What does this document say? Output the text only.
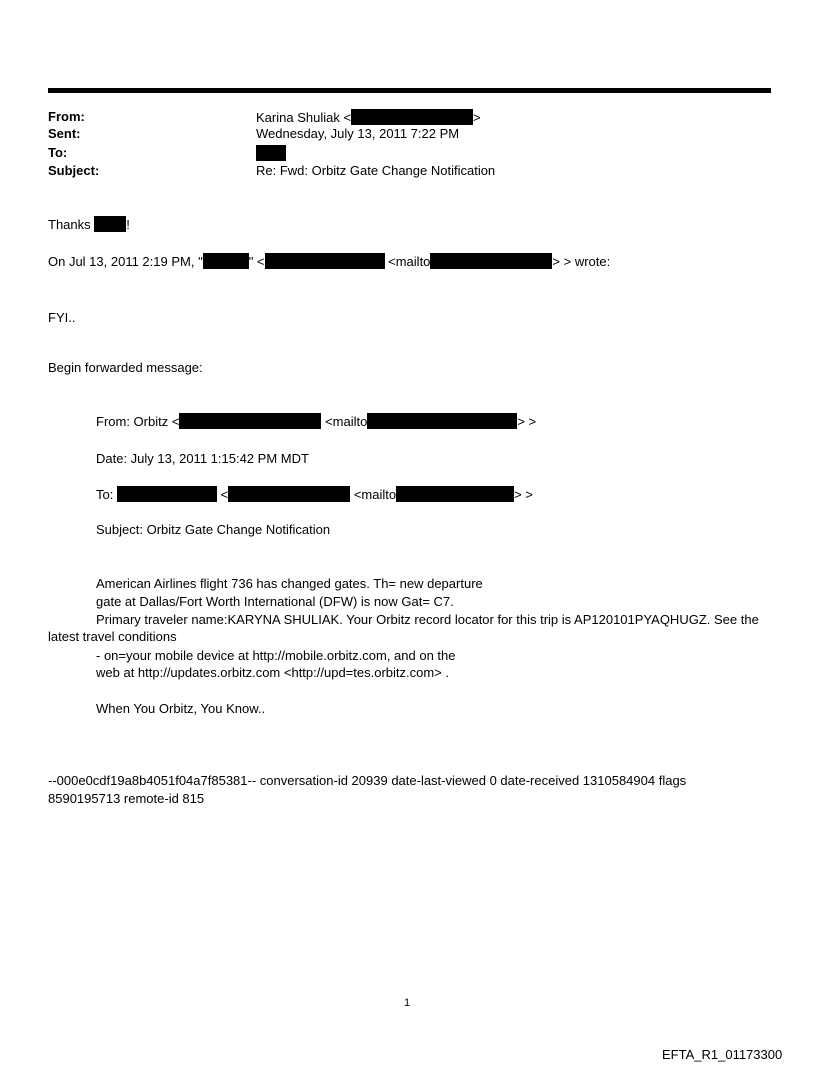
From:	Karina Shuliak <	>
Sent:	Wednesday, July 13, 2011 7:22 PM
To:
Subject:	Re: Fwd: Orbitz Gate Change Notification
Thanks	!
On Jul 13, 2011 2:19 PM, "	" <	<mailto	> > wrote:
FYI..
Begin forwarded message:
From: Orbitz <	<mailto	> >
Date: July 13, 2011 1:15:42 PM MDT
To:	<	<mailto	> >
Subject: Orbitz Gate Change Notification
American Airlines flight 736 has changed gates. Th= new departure
gate at Dallas/Fort Worth International (DFW) is now Gat= C7.
Primary traveler name:KARYNA SHULIAK. Your Orbitz record locator for this trip is AP120101PYAQHUGZ. See the
latest travel conditions
- on=your mobile device at http://mobile.orbitz.com, and on the
web at http://updates.orbitz.com <http://upd=tes.orbitz.com> .
When You Orbitz, You Know..
--000e0cdf19a8b4051f04a7f85381-- conversation-id 20939 date-last-viewed 0 date-received 1310584904 flags
8590195713 remote-id 815
1
EFTA_R1_01173300
